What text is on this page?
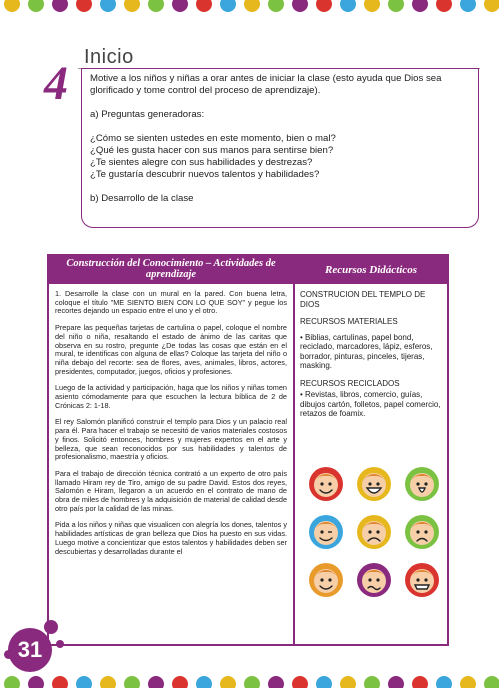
4 Inicio

Motive a los niños y niñas a orar antes de iniciar la clase (esto ayuda que Dios sea glorificado y tome control del proceso de aprendizaje).

a) Preguntas generadoras:

¿Cómo se sienten ustedes en este momento, bien o mal?

¿Qué les gusta hacer con sus manos para sentirse bien?

¿Te sientes alegre con sus habilidades y destrezas?

¿Te gustaría descubrir nuevos talentos y habilidades?

b) Desarrollo de la clase

Construcción del Conocimiento – Actividades de aprendizaje	Recursos Didácticos

1. Desarrolle la clase con un mural en la pared. Con buena letra, coloque el título "ME SIENTO BIEN CON LO QUE SOY" y pegue los recortes dejando un espacio entre el uno y el otro.

Prepare las pequeñas tarjetas de cartulina o papel, coloque el nombre del niño o niña, resaltando el estado de ánimo de las caritas que observa en su rostro, pregunte ¿De todas las cosas que están en el mural, te identificas con alguna de ellas? Coloque las tarjeta del niño o niña debajo del recorte: sea de flores, aves, animales, libros, actores, presidentes, computador, juegos, oficios y profesiones.

Luego de la actividad y participación, haga que los niños y niñas tomen asiento cómodamente para que escuchen la lectura bíblica de 2 de Crónicas 2: 1-18.

El rey Salomón planificó construir el templo para Dios y un palacio real para él. Para hacer el trabajo se necesitó de varios materiales costosos y finos. Solicitó entonces, hombres y mujeres expertos en el arte y belleza, que sean reconocidos por sus habilidades y talentos de profesionalismo, maestría y oficios.

Para el trabajo de dirección técnica contrató a un experto de otro país llamado Hiram rey de Tiro, amigo de su padre David. Estos dos reyes, Salomón e Hiram, llegaron a un acuerdo en el contrato de mano de obra de miles de hombres y la adquisición de material de calidad desde otro país por la calidad de las minas.

Pida a los niños y niñas que visualicen con alegría los dones, talentos y habilidades artísticas de gran belleza que Dios ha puesto en sus vidas. Luego motive a concientizar que estos talentos y habilidades deben ser descubiertas y desarrolladas durante el

CONSTRUCION DEL TEMPLO DE DIOS

RECURSOS MATERIALES

• Biblias, cartulinas, papel bond, reciclado, marcadores, lápiz, esferos, borrador, pinturas, pinceles, tijeras, masking.

RECURSOS RECICLADOS

• Revistas, libros, comercio, guías, dibujos cartón, folletos, papel comercio, retazos de foamix.

31
